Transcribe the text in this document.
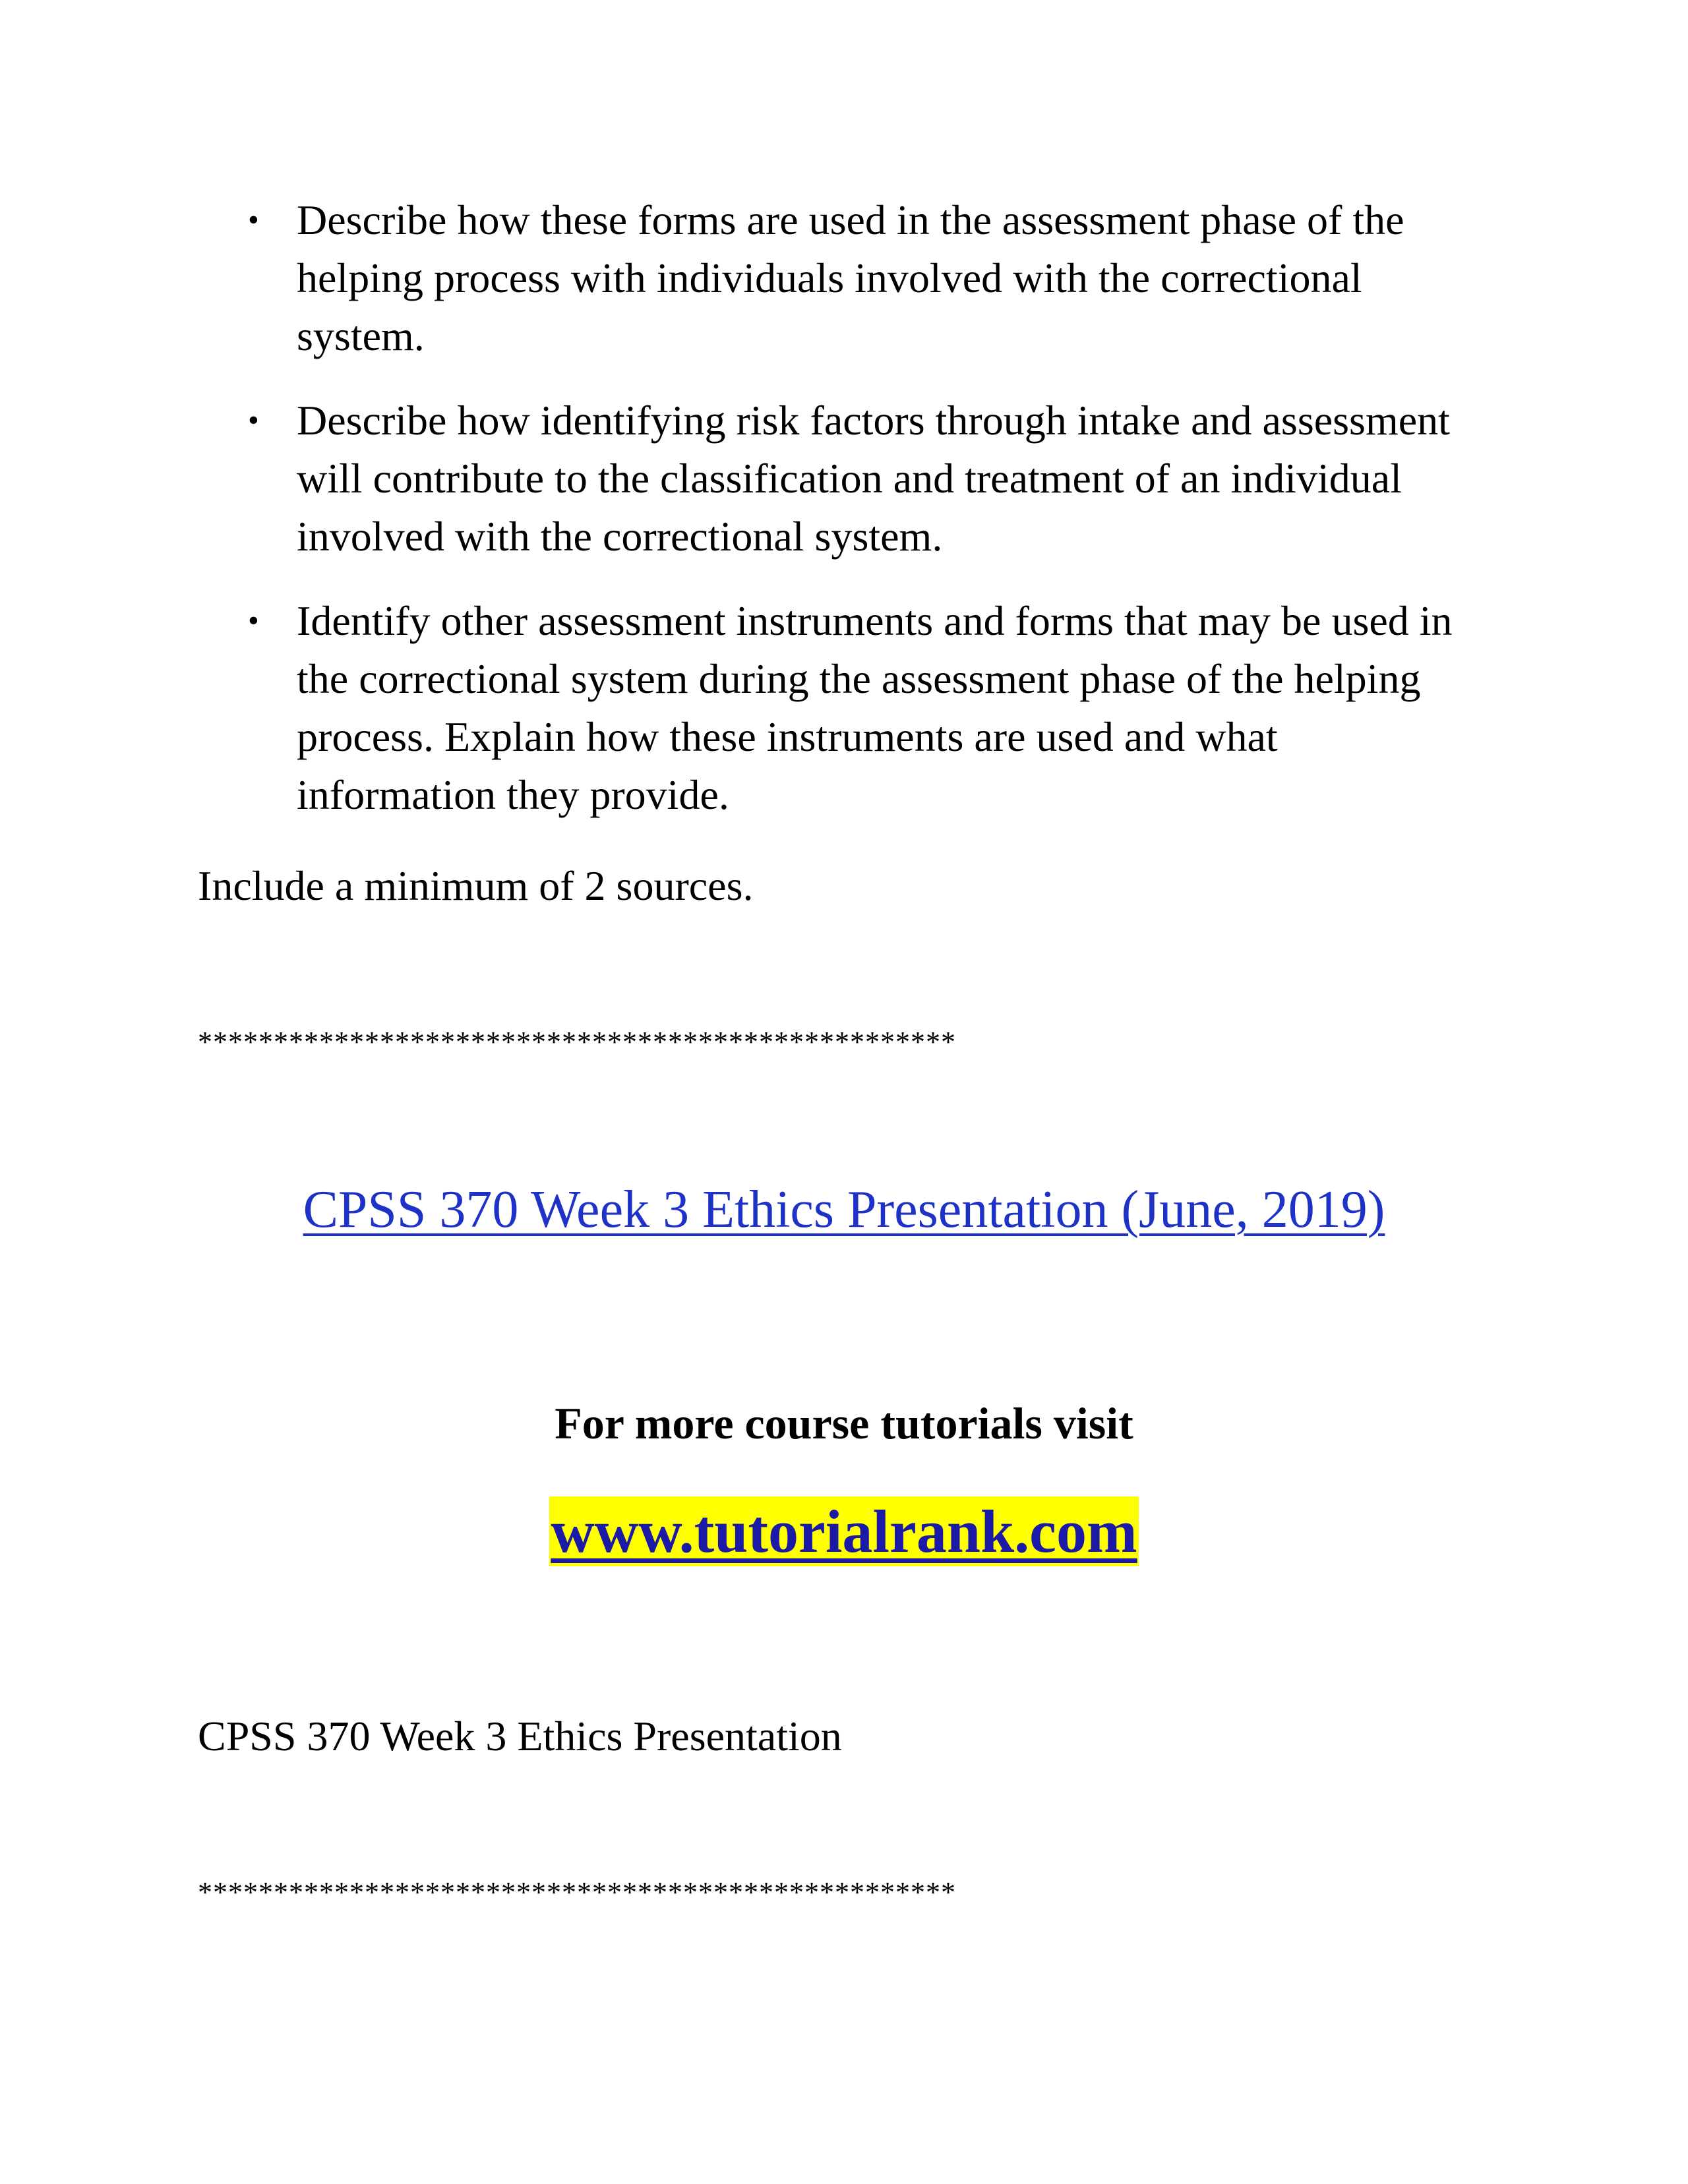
• Describe how these forms are used in the assessment phase of the helping process with individuals involved with the correctional system.
• Describe how identifying risk factors through intake and assessment will contribute to the classification and treatment of an individual involved with the correctional system.
• Identify other assessment instruments and forms that may be used in the correctional system during the assessment phase of the helping process. Explain how these instruments are used and what information they provide.
Include a minimum of 2 sources.
**************************************************
CPSS 370 Week 3 Ethics Presentation (June, 2019)
For more course tutorials visit
www.tutorialrank.com
CPSS 370 Week 3 Ethics Presentation
**************************************************
